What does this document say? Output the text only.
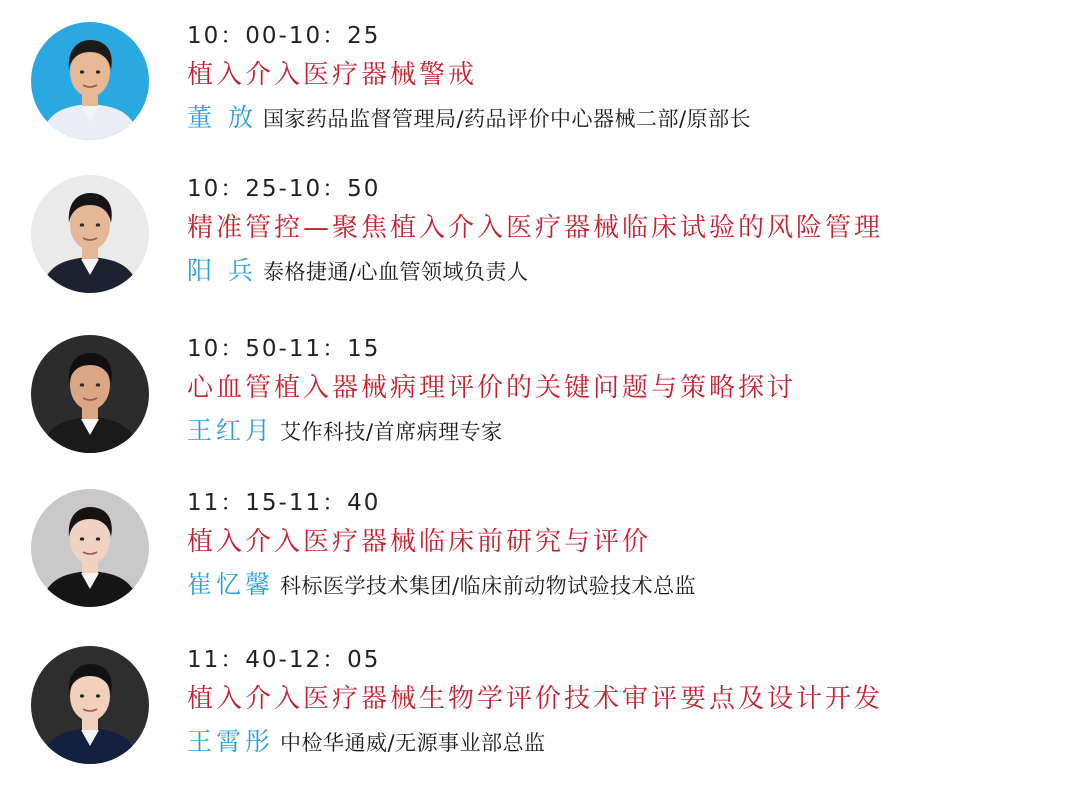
10：00-10：25
植入介入医疗器械警戒
董 放 国家药品监督管理局/药品评价中心器械二部/原部长
10：25-10：50
精准管控—聚焦植入介入医疗器械临床试验的风险管理
阳 兵 泰格捷通/心血管领域负责人
10：50-11：15
心血管植入器械病理评价的关键问题与策略探讨
王红月 艾作科技/首席病理专家
11：15-11：40
植入介入医疗器械临床前研究与评价
崔忆馨 科标医学技术集团/临床前动物试验技术总监
11：40-12：05
植入介入医疗器械生物学评价技术审评要点及设计开发
王霄彤 中检华通威/无源事业部总监
